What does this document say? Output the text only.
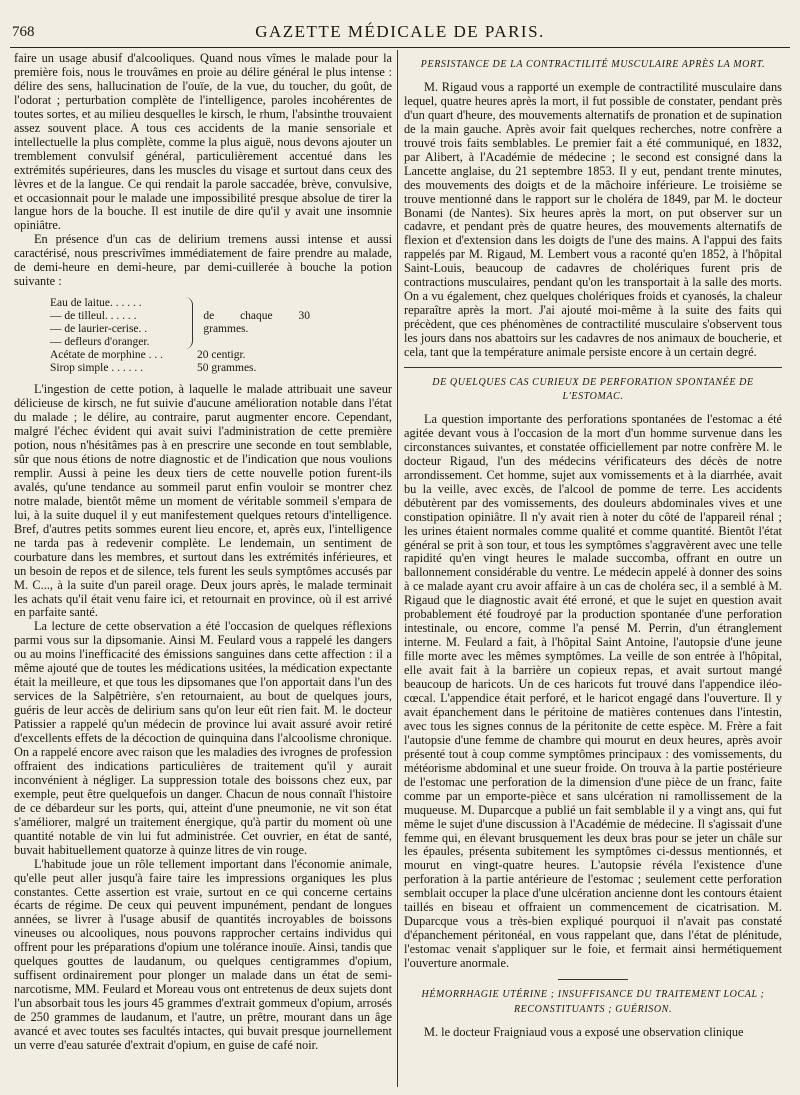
768	GAZETTE MÉDICALE DE PARIS.

faire un usage abusif d'alcooliques. Quand nous vîmes le malade pour la première fois, nous le trouvâmes en proie au délire général le plus intense : délire des sens, hallucination de l'ouïe, de la vue, du toucher, du goût, de l'odorat ; perturbation complète de l'intelligence, paroles incohérentes de toutes sortes, et au milieu desquelles le kirsch, le rhum, l'absinthe trouvaient assez souvent place. A tous ces accidents de la manie sensoriale et intellectuelle la plus complète, comme la plus aiguë, nous devons ajouter un tremblement convulsif général, particulièrement accentué dans les extrémités supérieures, dans les muscles du visage et surtout dans ceux des lèvres et de la langue. Ce qui rendait la parole saccadée, brève, convulsive, et occasionnait pour le malade une impossibilité presque absolue de tirer la langue hors de la bouche. Il est inutile de dire qu'il y avait une insomnie opiniâtre.

En présence d'un cas de delirium tremens aussi intense et aussi caractérisé, nous prescrivîmes immédiatement de faire prendre au malade, de demi-heure en demi-heure, par demi-cuillerée à bouche la potion suivante :

Eau de laitue. . . . . .
— de tilleul. . . . . .
— de laurier-cerise. .
— defleurs d'oranger.
de chaque 30 grammes.
Acétate de morphine . . .	20 centigr.
Sirop simple . . . . . .	50 grammes.

L'ingestion de cette potion, à laquelle le malade attribuait une saveur délicieuse de kirsch, ne fut suivie d'aucune amélioration notable dans l'état du malade ; le délire, au contraire, parut augmenter encore. Cependant, malgré l'échec évident qui avait suivi l'administration de cette première potion, nous n'hésitâmes pas à en prescrire une seconde en tout semblable, sûr que nous étions de notre diagnostic et de l'indication que nous voulions remplir. Aussi à peine les deux tiers de cette nouvelle potion furent-ils avalés, qu'une tendance au sommeil parut enfin vouloir se montrer chez notre malade, bientôt même un moment de véritable sommeil s'empara de lui, à la suite duquel il y eut manifestement quelques retours d'intelligence. Bref, d'autres petits sommes eurent lieu encore, et, après eux, l'intelligence ne tarda pas à redevenir complète. Le lendemain, un sentiment de courbature dans les membres, et surtout dans les extrémités inférieures, et un besoin de repos et de silence, tels furent les seuls symptômes accusés par M. C..., à la suite d'un pareil orage. Deux jours après, le malade terminait les achats qu'il était venu faire ici, et retournait en province, où il est arrivé en parfaite santé.

La lecture de cette observation a été l'occasion de quelques réflexions parmi vous sur la dipsomanie. Ainsi M. Feulard vous a rappelé les dangers ou au moins l'inefficacité des émissions sanguines dans cette affection : il a même ajouté que de toutes les médications usitées, la médication expectante était la meilleure, et que tous les dipsomanes que l'on apportait dans l'un des services de la Salpêtrière, s'en retournaient, au bout de quelques jours, guéris de leur accès de delirium sans qu'on leur eût rien fait. M. le docteur Patissier a rappelé qu'un médecin de province lui avait assuré avoir retiré d'excellents effets de la décoction de quinquina dans l'alcoolisme chronique. On a rappelé encore avec raison que les maladies des ivrognes de profession offraient des indications particulières de traitement qu'il y aurait inconvénient à négliger. La suppression totale des boissons chez eux, par exemple, peut être quelquefois un danger. Chacun de nous connaît l'histoire de ce débardeur sur les ports, qui, atteint d'une pneumonie, ne vit son état s'améliorer, malgré un traitement énergique, qu'à partir du moment où une quantité notable de vin lui fut administrée. Cet ouvrier, en état de santé, buvait habituellement quatorze à quinze litres de vin rouge.

L'habitude joue un rôle tellement important dans l'économie animale, qu'elle peut aller jusqu'à faire taire les impressions organiques les plus constantes. Cette assertion est vraie, surtout en ce qui concerne certains écarts de régime. De ceux qui peuvent impunément, pendant de longues années, se livrer à l'usage abusif de quantités incroyables de boissons vineuses ou alcooliques, nous pouvons rapprocher certains individus qui offrent pour les préparations d'opium une tolérance inouïe. Ainsi, tandis que quelques gouttes de laudanum, ou quelques centigrammes d'opium, suffisent ordinairement pour plonger un malade dans un état de semi-narcotisme, MM. Feulard et Moreau vous ont entretenus de deux sujets dont l'un absorbait tous les jours 45 grammes d'extrait gommeux d'opium, arrosés de 250 grammes de laudanum, et l'autre, un prêtre, mourant dans un âge avancé et avec toutes ses facultés intactes, qui buvait presque journellement un verre d'eau saturée d'extrait d'opium, en guise de café noir.

PERSISTANCE DE LA CONTRACTILITÉ MUSCULAIRE APRÈS LA MORT.

M. Rigaud vous a rapporté un exemple de contractilité musculaire dans lequel, quatre heures après la mort, il fut possible de constater, pendant près d'un quart d'heure, des mouvements alternatifs de pronation et de supination de la main gauche. Après avoir fait quelques recherches, notre confrère a trouvé trois faits semblables. Le premier fait a été communiqué, en 1832, par Alibert, à l'Académie de médecine ; le second est consigné dans la Lancette anglaise, du 21 septembre 1853. Il y eut, pendant trente minutes, des mouvements des doigts et de la mâchoire inférieure. Le troisième se trouve mentionné dans le rapport sur le choléra de 1849, par M. le docteur Bonami (de Nantes). Six heures après la mort, on put observer sur un cadavre, et pendant près de quatre heures, des mouvements alternatifs de flexion et d'extension dans les doigts de l'une des mains. A l'appui des faits rappelés par M. Rigaud, M. Lembert vous a raconté qu'en 1852, à l'hôpital Saint-Louis, beaucoup de cadavres de cholériques furent pris de contractions musculaires, pendant qu'on les transportait à la salle des morts. On a vu également, chez quelques cholériques froids et cyanosés, la chaleur reparaître après la mort. J'ai ajouté moi-même à la suite des faits qui précèdent, que ces phénomènes de contractilité musculaire s'observent tous les jours dans nos abattoirs sur les cadavres de nos animaux de boucherie, et cela, tant que la température animale persiste encore à un certain degré.

DE QUELQUES CAS CURIEUX DE PERFORATION SPONTANÉE DE L'ESTOMAC.

La question importante des perforations spontanées de l'estomac a été agitée devant vous à l'occasion de la mort d'un homme survenue dans les circonstances suivantes, et constatée officiellement par notre confrère M. le docteur Rigaud, l'un des médecins vérificateurs des décès de notre arrondissement. Cet homme, sujet aux vomissements et à la diarrhée, avait bu la veille, avec excès, de l'alcool de pomme de terre. Les accidents débutèrent par des vomissements, des douleurs abdominales vives et une constipation opiniâtre. Il n'y avait rien à noter du côté de l'appareil rénal ; les urines étaient normales comme qualité et comme quantité. Bientôt l'état général se prit à son tour, et tous les symptômes s'aggravèrent avec une telle rapidité qu'en vingt heures le malade succomba, offrant en outre un ballonnement considérable du ventre. Le médecin appelé à donner des soins à ce malade ayant cru avoir affaire à un cas de choléra sec, il a semblé à M. Rigaud que le diagnostic avait été erroné, et que le sujet en question avait probablement été foudroyé par la production spontanée d'une perforation intestinale, ou encore, comme l'a pensé M. Perrin, d'un étranglement interne. M. Feulard a fait, à l'hôpital Saint Antoine, l'autopsie d'une jeune fille morte avec les mêmes symptômes. La veille de son entrée à l'hôpital, elle avait fait à la barrière un copieux repas, et avait surtout mangé beaucoup de haricots. Un de ces haricots fut trouvé dans l'appendice iléo-cœcal. L'appendice était perforé, et le haricot engagé dans l'ouverture. Il y avait épanchement dans le péritoine de matières contenues dans l'intestin, avec tous les signes connus de la péritonite de cette espèce. M. Frère a fait l'autopsie d'une femme de chambre qui mourut en deux heures, après avoir présenté tout à coup comme symptômes principaux : des vomissements, du météorisme abdominal et une sueur froide. On trouva à la partie postérieure de l'estomac une perforation de la dimension d'une pièce de un franc, faite comme par un emporte-pièce et sans ulcération ni ramollissement de la muqueuse. M. Duparcque a publié un fait semblable il y a vingt ans, qui fut même le sujet d'une discussion à l'Académie de médecine. Il s'agissait d'une femme qui, en élevant brusquement les deux bras pour se jeter un châle sur les épaules, présenta subitement les symptômes ci-dessus mentionnés, et mourut en vingt-quatre heures. L'autopsie révéla l'existence d'une perforation à la partie antérieure de l'estomac ; seulement cette perforation semblait occuper la place d'une ulcération ancienne dont les contours étaient taillés en biseau et offraient un commencement de cicatrisation. M. Duparcque vous a très-bien expliqué pourquoi il n'avait pas constaté d'épanchement péritonéal, en vous rappelant que, dans l'état de plénitude, l'estomac venait s'appliquer sur le foie, et fermait ainsi hermétiquement l'ouverture anormale.

HÉMORRHAGIE UTÉRINE ; INSUFFISANCE DU TRAITEMENT LOCAL ;
RECONSTITUANTS ; GUÉRISON.

M. le docteur Fraigniaud vous a exposé une observation clinique
